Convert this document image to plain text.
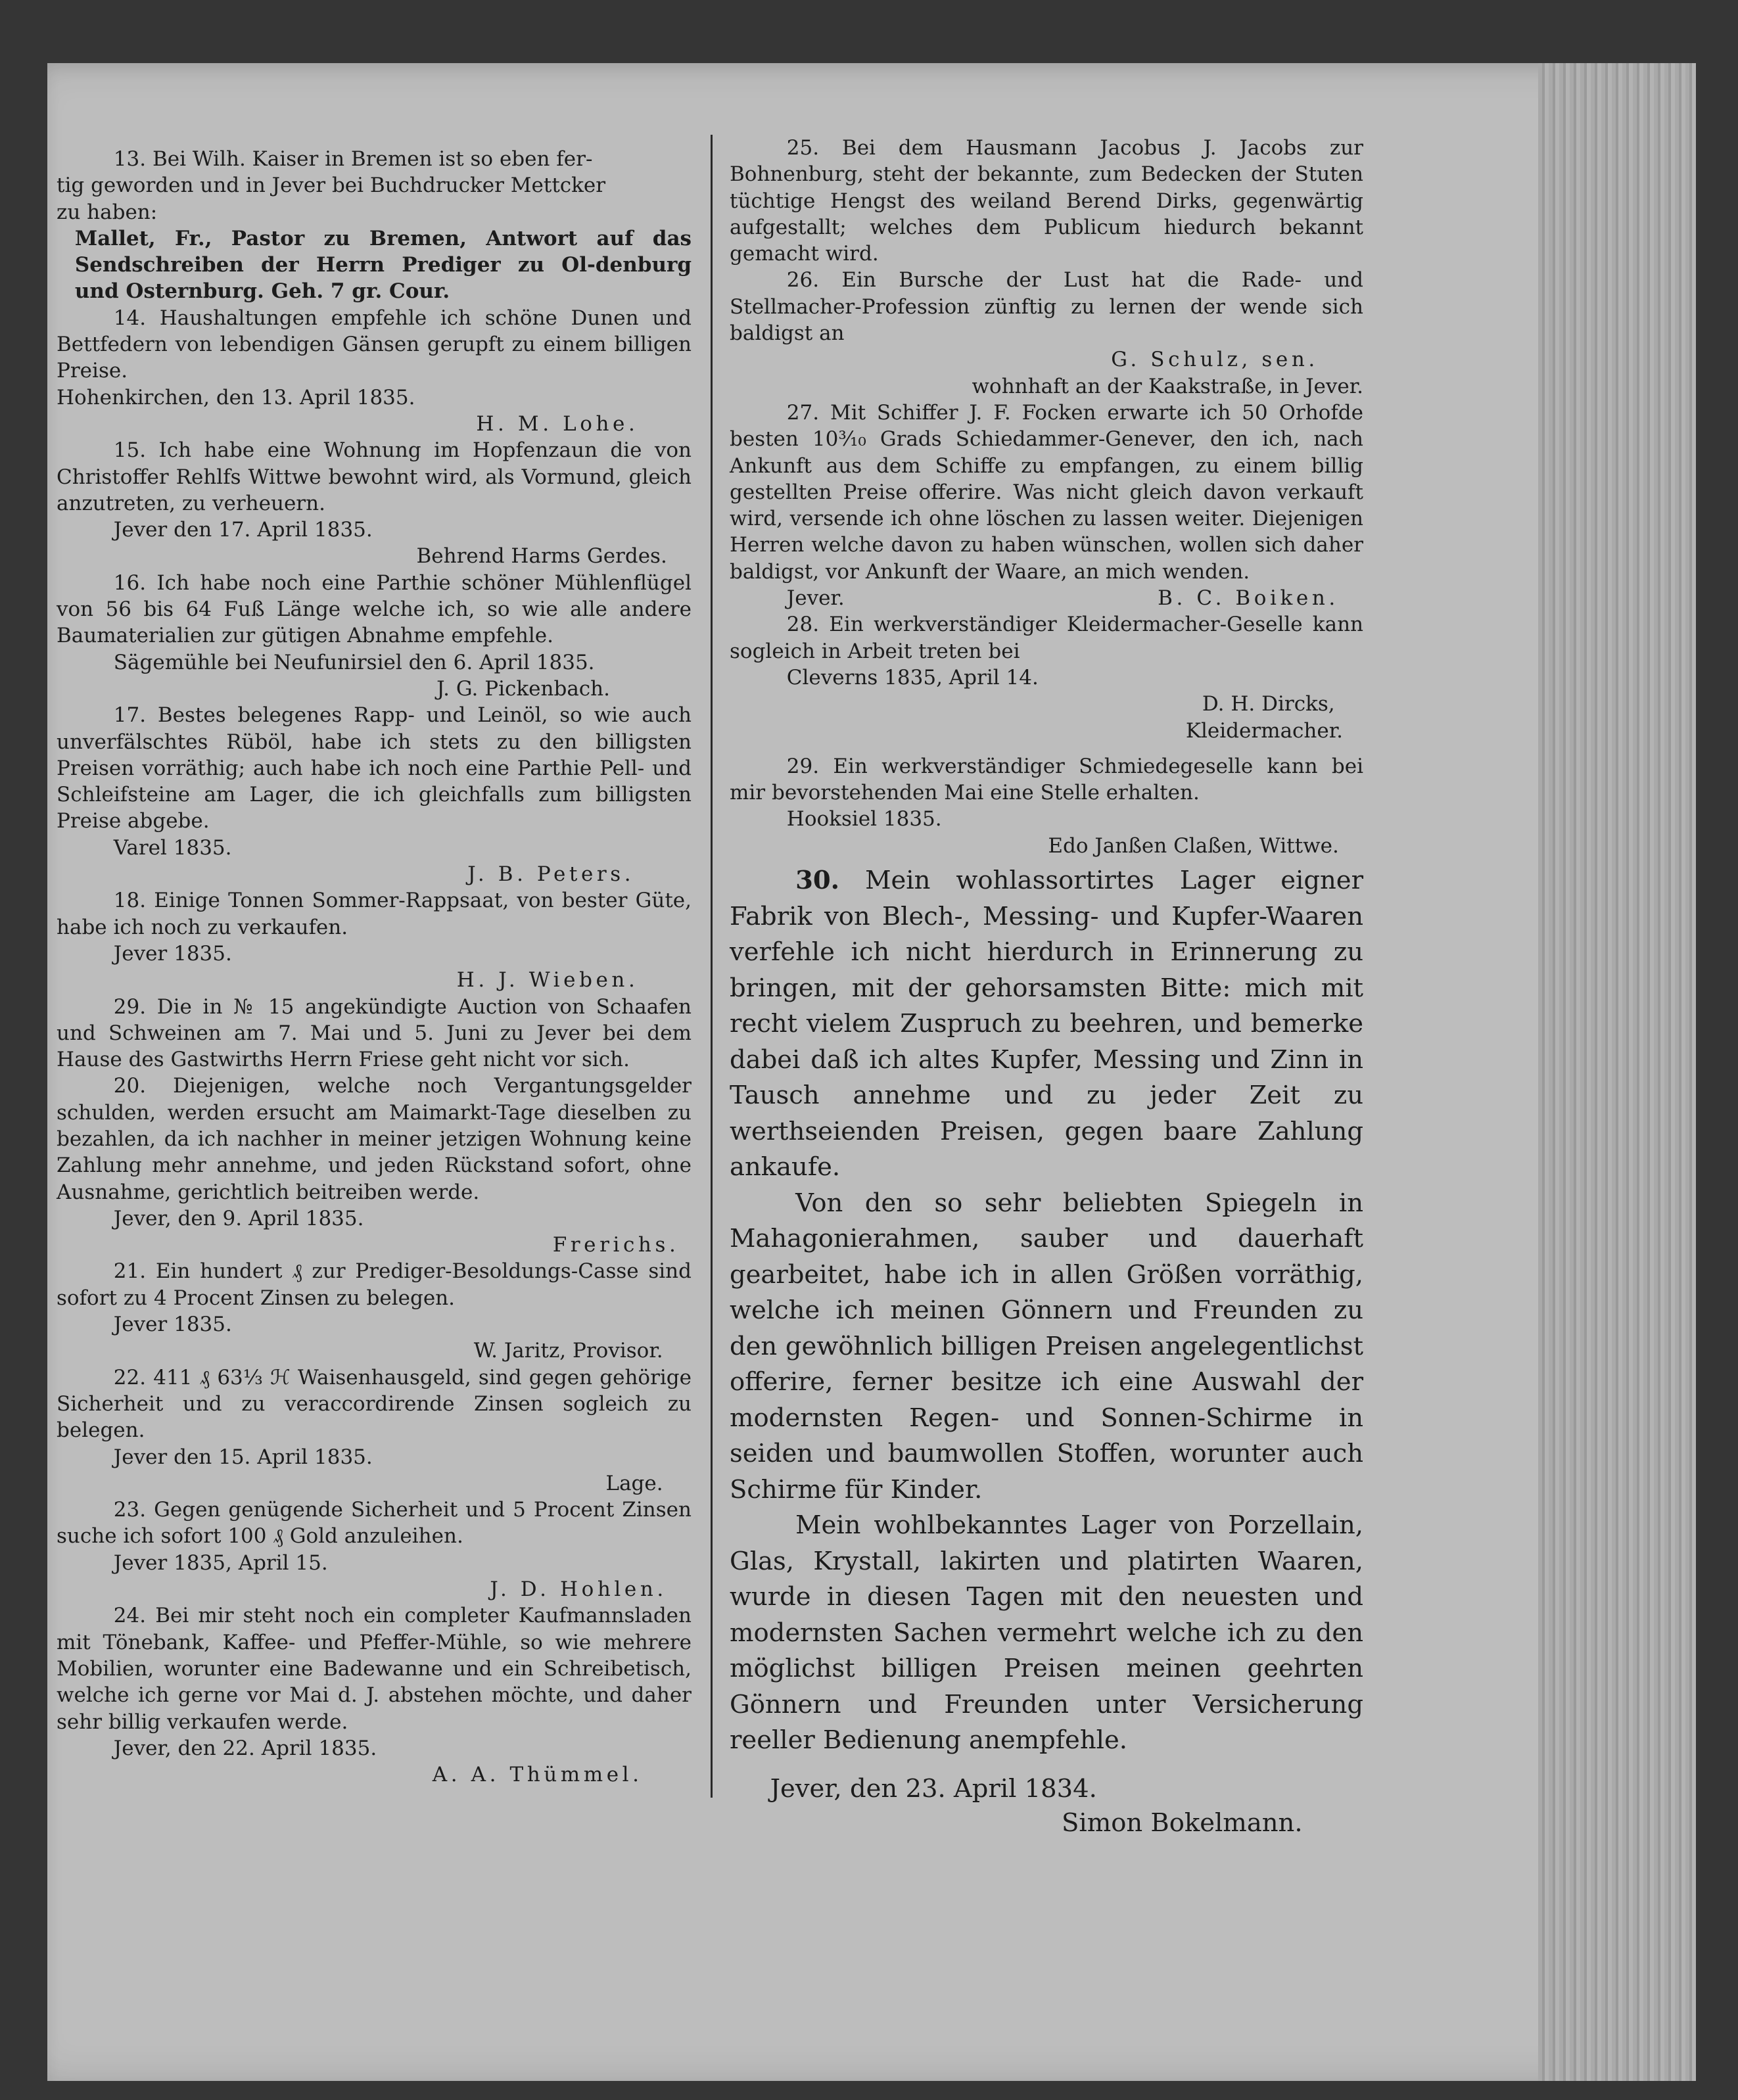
13. Bei Wilh. Kaiser in Bremen ist so eben fer-
tig geworden und in Jever bei Buchdrucker Mettcker
zu haben:
Mallet, Fr., Pastor zu Bremen, Antwort auf das Sendschreiben der Herrn Prediger zu Ol-denburg und Osternburg. Geh. 7 gr. Cour.
14. Haushaltungen empfehle ich schöne Dunen und Bettfedern von lebendigen Gänsen gerupft zu einem billigen Preise.
Hohenkirchen, den 13. April 1835.
H. M. Lohe.
15. Ich habe eine Wohnung im Hopfenzaun die von Christoffer Rehlfs Wittwe bewohnt wird, als Vormund, gleich anzutreten, zu verheuern.
Jever den 17. April 1835.
Behrend Harms Gerdes.
16. Ich habe noch eine Parthie schöner Mühlenflügel von 56 bis 64 Fuß Länge welche ich, so wie alle andere Baumaterialien zur gütigen Abnahme empfehle.
Sägemühle bei Neufunirsiel den 6. April 1835.
J. G. Pickenbach.
17. Bestes belegenes Rapp- und Leinöl, so wie auch unverfälschtes Rüböl, habe ich stets zu den billigsten Preisen vorräthig; auch habe ich noch eine Parthie Pell- und Schleifsteine am Lager, die ich gleichfalls zum billigsten Preise abgebe.
Varel 1835.
J. B. Peters.
18. Einige Tonnen Sommer-Rappsaat, von bester Güte, habe ich noch zu verkaufen.
Jever 1835.
H. J. Wieben.
29. Die in № 15 angekündigte Auction von Schaafen und Schweinen am 7. Mai und 5. Juni zu Jever bei dem Hause des Gastwirths Herrn Friese geht nicht vor sich.
20. Diejenigen, welche noch Vergantungsgelder schulden, werden ersucht am Maimarkt-Tage dieselben zu bezahlen, da ich nachher in meiner jetzigen Wohnung keine Zahlung mehr annehme, und jeden Rückstand sofort, ohne Ausnahme, gerichtlich beitreiben werde.
Jever, den 9. April 1835.
Frerichs.
21. Ein hundert ₰ zur Prediger-Besoldungs-Casse sind sofort zu 4 Procent Zinsen zu belegen.
Jever 1835.
W. Jaritz, Provisor.
22. 411 ₰ 63⅓ ℋ Waisenhausgeld, sind gegen gehörige Sicherheit und zu veraccordirende Zinsen sogleich zu belegen.
Jever den 15. April 1835.
Lage.
23. Gegen genügende Sicherheit und 5 Procent Zinsen suche ich sofort 100 ₰ Gold anzuleihen.
Jever 1835, April 15.
J. D. Hohlen.
24. Bei mir steht noch ein completer Kaufmannsladen mit Tönebank, Kaffee- und Pfeffer-Mühle, so wie mehrere Mobilien, worunter eine Badewanne und ein Schreibetisch, welche ich gerne vor Mai d. J. abstehen möchte, und daher sehr billig verkaufen werde.
Jever, den 22. April 1835.
A. A. Thümmel.
25. Bei dem Hausmann Jacobus J. Jacobs zur Bohnenburg, steht der bekannte, zum Bedecken der Stuten tüchtige Hengst des weiland Berend Dirks, gegenwärtig aufgestallt; welches dem Publicum hiedurch bekannt gemacht wird.
26. Ein Bursche der Lust hat die Rade- und Stellmacher-Profession zünftig zu lernen der wende sich baldigst an
G. Schulz, sen.
wohnhaft an der Kaakstraße, in Jever.
27. Mit Schiffer J. F. Focken erwarte ich 50 Orhofde besten 10³⁄₁₀ Grads Schiedammer-Genever, den ich, nach Ankunft aus dem Schiffe zu empfangen, zu einem billig gestellten Preise offerire. Was nicht gleich davon verkauft wird, versende ich ohne löschen zu lassen weiter. Diejenigen Herren welche davon zu haben wünschen, wollen sich daher baldigst, vor Ankunft der Waare, an mich wenden.
Jever.	B. C. Boiken.
28. Ein werkverständiger Kleidermacher-Geselle kann sogleich in Arbeit treten bei
Cleverns 1835, April 14.
D. H. Dircks,
Kleidermacher.
29. Ein werkverständiger Schmiedegeselle kann bei mir bevorstehenden Mai eine Stelle erhalten.
Hooksiel 1835.
Edo Janßen Claßen, Wittwe.
30. Mein wohlassortirtes Lager eigner Fabrik von Blech-, Messing- und Kupfer-Waaren verfehle ich nicht hierdurch in Erinnerung zu bringen, mit der gehorsamsten Bitte: mich mit recht vielem Zuspruch zu beehren, und bemerke dabei daß ich altes Kupfer, Messing und Zinn in Tausch annehme und zu jeder Zeit zu werthseienden Preisen, gegen baare Zahlung ankaufe.
Von den so sehr beliebten Spiegeln in Mahagonierahmen, sauber und dauerhaft gearbeitet, habe ich in allen Größen vorräthig, welche ich meinen Gönnern und Freunden zu den gewöhnlich billigen Preisen angelegentlichst offerire, ferner besitze ich eine Auswahl der modernsten Regen- und Sonnen-Schirme in seiden und baumwollen Stoffen, worunter auch Schirme für Kinder.
Mein wohlbekanntes Lager von Porzellain, Glas, Krystall, lakirten und platirten Waaren, wurde in diesen Tagen mit den neuesten und modernsten Sachen vermehrt welche ich zu den möglichst billigen Preisen meinen geehrten Gönnern und Freunden unter Versicherung reeller Bedienung anempfehle.
Jever, den 23. April 1834.
Simon Bokelmann.
